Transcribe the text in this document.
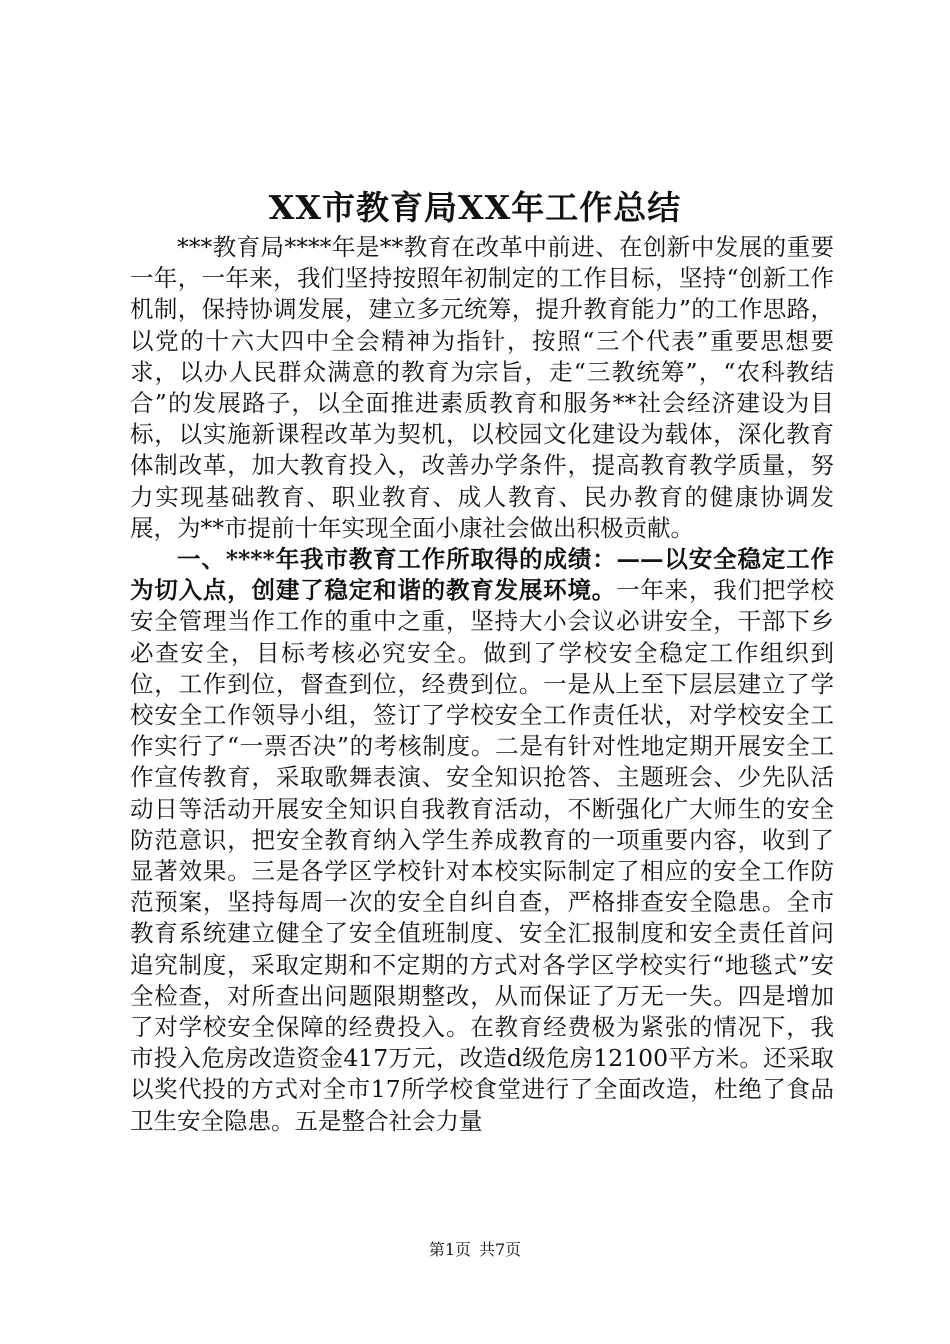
XX市教育局XX年工作总结

***教育局****年是**教育在改革中前进、在创新中发展的重要一年，一年来，我们坚持按照年初制定的工作目标，坚持“创新工作机制，保持协调发展，建立多元统筹，提升教育能力”的工作思路，以党的十六大四中全会精神为指针，按照“三个代表”重要思想要求，以办人民群众满意的教育为宗旨，走“三教统筹”，“农科教结合”的发展路子，以全面推进素质教育和服务**社会经济建设为目标，以实施新课程改革为契机，以校园文化建设为载体，深化教育体制改革，加大教育投入，改善办学条件，提高教育教学质量，努力实现基础教育、职业教育、成人教育、民办教育的健康协调发展，为**市提前十年实现全面小康社会做出积极贡献。

一、****年我市教育工作所取得的成绩：——以安全稳定工作为切入点，创建了稳定和谐的教育发展环境。一年来，我们把学校安全管理当作工作的重中之重，坚持大小会议必讲安全，干部下乡必查安全，目标考核必究安全。做到了学校安全稳定工作组织到位，工作到位，督查到位，经费到位。一是从上至下层层建立了学校安全工作领导小组，签订了学校安全工作责任状，对学校安全工作实行了“一票否决”的考核制度。二是有针对性地定期开展安全工作宣传教育，采取歌舞表演、安全知识抢答、主题班会、少先队活动日等活动开展安全知识自我教育活动，不断强化广大师生的安全防范意识，把安全教育纳入学生养成教育的一项重要内容，收到了显著效果。三是各学区学校针对本校实际制定了相应的安全工作防范预案，坚持每周一次的安全自纠自查，严格排查安全隐患。全市教育系统建立健全了安全值班制度、安全汇报制度和安全责任首问追究制度，采取定期和不定期的方式对各学区学校实行“地毯式”安全检查，对所查出问题限期整改，从而保证了万无一失。四是增加了对学校安全保障的经费投入。在教育经费极为紧张的情况下，我市投入危房改造资金417万元，改造d级危房12100平方米。还采取以奖代投的方式对全市17所学校食堂进行了全面改造，杜绝了食品卫生安全隐患。五是整合社会力量

第1页 共7页
